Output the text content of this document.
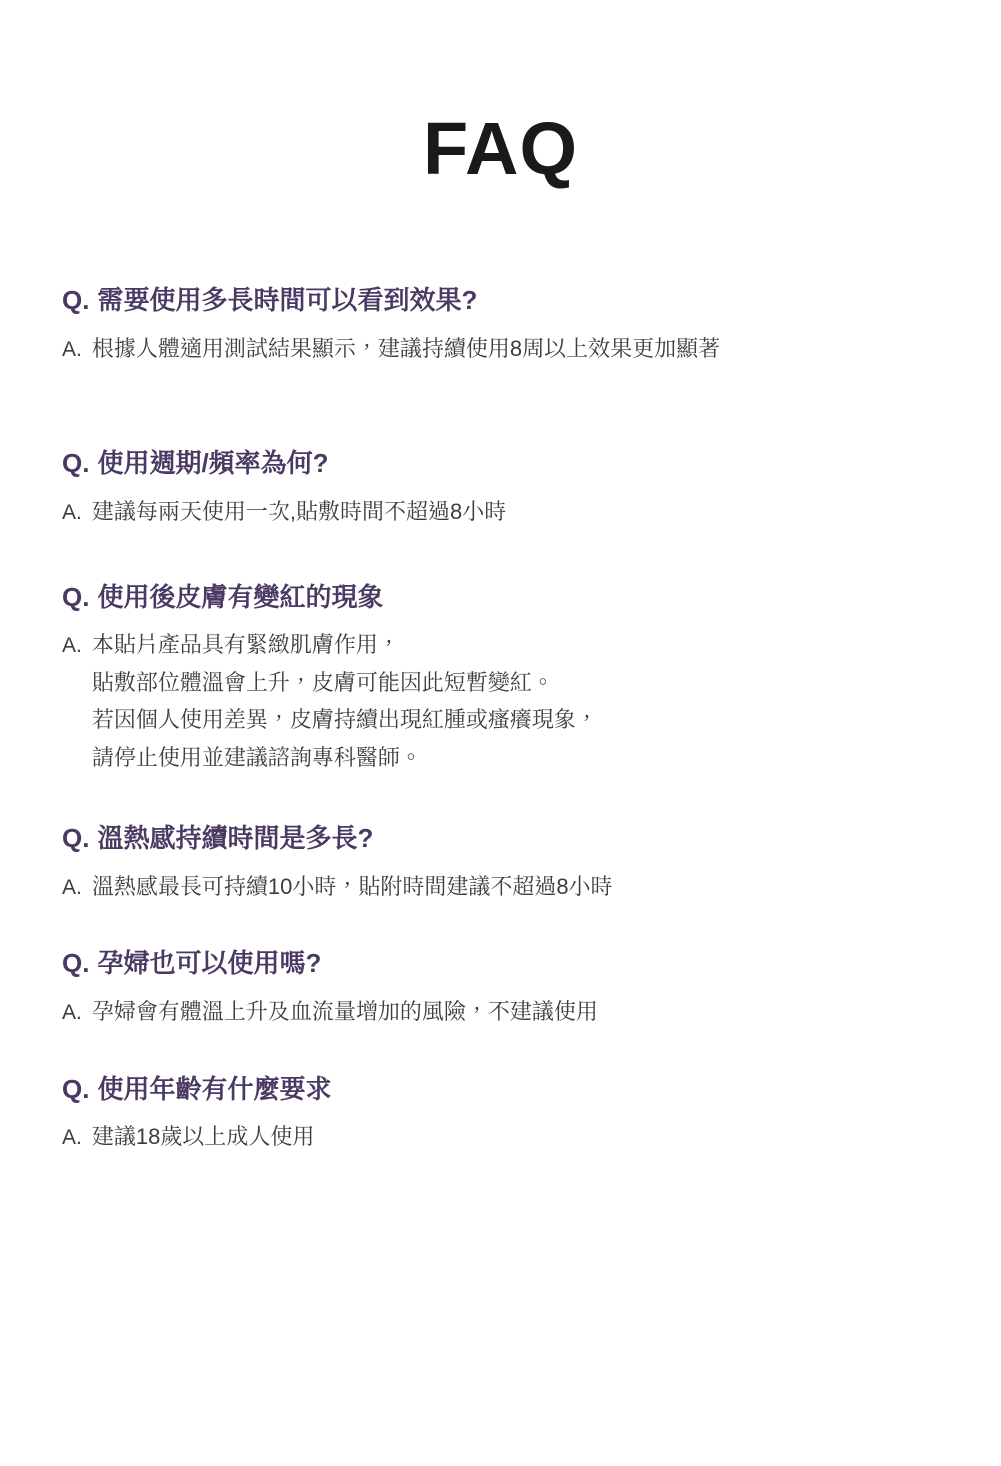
FAQ
Q. 需要使用多長時間可以看到效果?
A. 根據人體適用測試結果顯示，建議持續使用8周以上效果更加顯著
Q. 使用週期/頻率為何?
A. 建議每兩天使用一次,貼敷時間不超過8小時
Q. 使用後皮膚有變紅的現象
A. 本貼片產品具有緊緻肌膚作用，
貼敷部位體溫會上升，皮膚可能因此短暫變紅。
若因個人使用差異，皮膚持續出現紅腫或瘙癢現象，
請停止使用並建議諮詢專科醫師。
Q. 溫熱感持續時間是多長?
A. 溫熱感最長可持續10小時，貼附時間建議不超過8小時
Q. 孕婦也可以使用嗎?
A. 孕婦會有體溫上升及血流量增加的風險，不建議使用
Q. 使用年齡有什麼要求
A. 建議18歲以上成人使用
